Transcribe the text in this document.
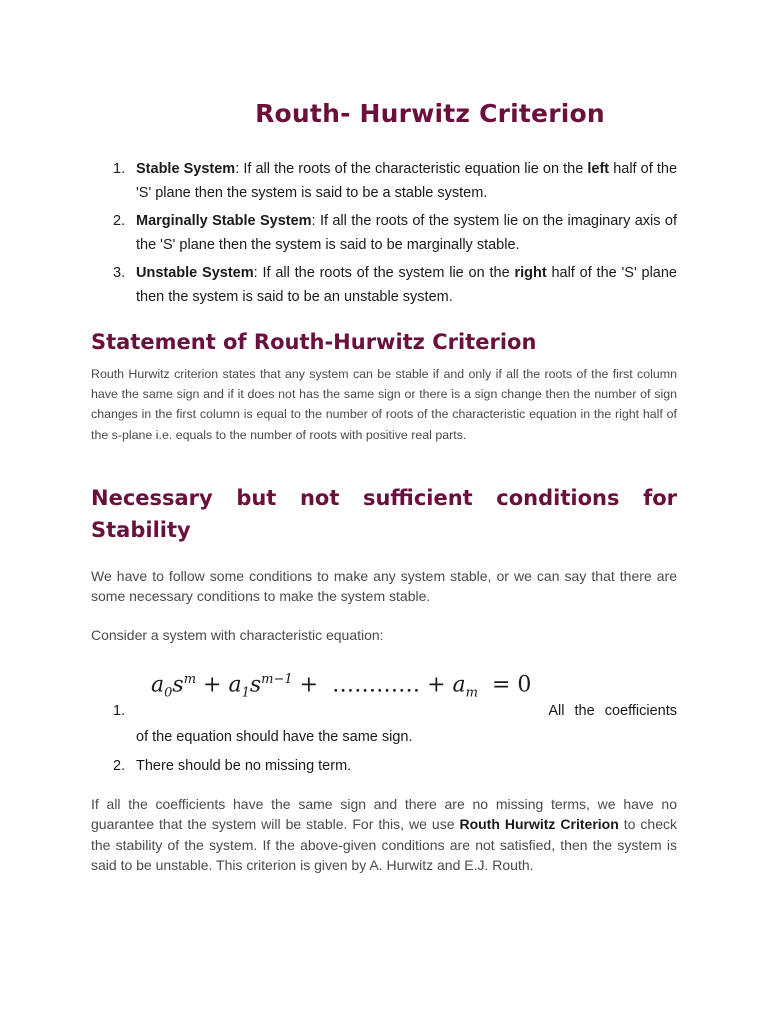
Routh- Hurwitz Criterion
1. Stable System: If all the roots of the characteristic equation lie on the left half of the 'S' plane then the system is said to be a stable system.
2. Marginally Stable System: If all the roots of the system lie on the imaginary axis of the 'S' plane then the system is said to be marginally stable.
3. Unstable System: If all the roots of the system lie on the right half of the 'S' plane then the system is said to be an unstable system.
Statement of Routh-Hurwitz Criterion

Routh Hurwitz criterion states that any system can be stable if and only if all the roots of the first column have the same sign and if it does not has the same sign or there is a sign change then the number of sign changes in the first column is equal to the number of roots of the characteristic equation in the right half of the s-plane i.e. equals to the number of roots with positive real parts.

Necessary but not sufficient conditions for Stability

We have to follow some conditions to make any system stable, or we can say that there are some necessary conditions to make the system stable.

Consider a system with characteristic equation:

1.
$a_0s^m + a_1s^{m-1}$ +  ………… + $a_m = 0$
All the coefficients
of the equation should have the same sign.
2. There should be no missing term.

If all the coefficients have the same sign and there are no missing terms, we have no guarantee that the system will be stable. For this, we use Routh Hurwitz Criterion to check the stability of the system. If the above-given conditions are not satisfied, then the system is said to be unstable. This criterion is given by A. Hurwitz and E.J. Routh.
